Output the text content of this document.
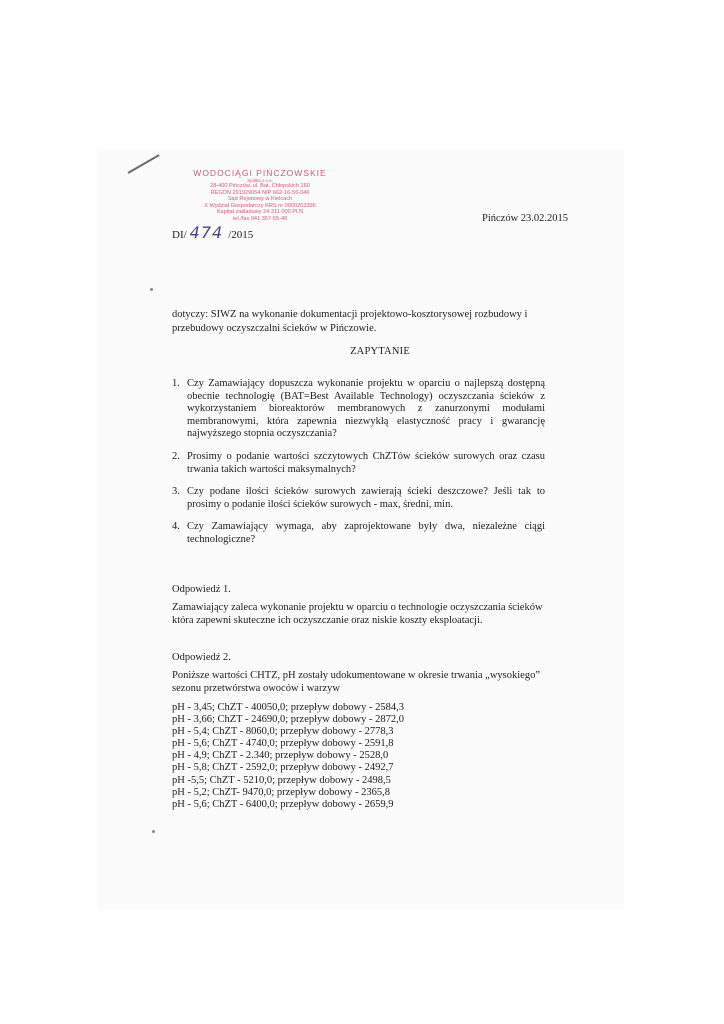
WODOCIĄGI PIŃCZOWSKIE
Spółka z o.o.
28-400 Pińczów, ul. Bat. Chłopskich 160
REGON 291929054 NIP 662-16-56-046
Sąd Rejonowy w Kielcach
X Wydział Gospodarczy KRS nr 0000203396
Kapitał zakładowy 24 311 000 PLN
tel./fax 041 357-55-48
DI/ 474 /2015
Pińczów 23.02.2015
dotyczy: SIWZ na wykonanie dokumentacji projektowo-kosztorysowej rozbudowy i przebudowy oczyszczalni ścieków w Pińczowie.
ZAPYTANIE
1. Czy Zamawiający dopuszcza wykonanie projektu w oparciu o najlepszą dostępną obecnie technologię (BAT=Best Available Technology) oczyszczania ścieków z wykorzystaniem bioreaktorów membranowych z zanurzonymi modułami membranowymi, która zapewnia niezwykłą elastyczność pracy i gwarancję najwyższego stopnia oczyszczania?
2. Prosimy o podanie wartości szczytowych ChZTów ścieków surowych oraz czasu trwania takich wartości maksymalnych?
3. Czy podane ilości ścieków surowych zawierają ścieki deszczowe? Jeśli tak to prosimy o podanie ilości ścieków surowych - max, średni, min.
4. Czy Zamawiający wymaga, aby zaprojektowane były dwa, niezależne ciągi technologiczne?
Odpowiedź 1.
Zamawiający zaleca wykonanie projektu w oparciu o technologie oczyszczania ścieków która zapewni skuteczne ich oczyszczanie oraz niskie koszty eksploatacji.
Odpowiedź 2.
Poniższe wartości CHTZ, pH zostały udokumentowane w okresie trwania „wysokiego” sezonu przetwórstwa owoców i warzyw
pH - 3,45; ChZT - 40050,0; przepływ dobowy - 2584,3
pH - 3,66; ChZT - 24690,0; przepływ dobowy - 2872,0
pH - 5,4; ChZT - 8060,0; przepływ dobowy - 2778,3
pH - 5,6; ChZT - 4740,0; przepływ dobowy - 2591,8
pH - 4,9; ChZT - 2.340; przepływ dobowy - 2528,0
pH - 5,8; ChZT - 2592,0; przepływ dobowy - 2492,7
pH -5,5; ChZT - 5210,0; przepływ dobowy - 2498,5
pH - 5,2; ChZT- 9470,0; przepływ dobowy - 2365,8
pH - 5,6; ChZT - 6400,0; przepływ dobowy - 2659,9
